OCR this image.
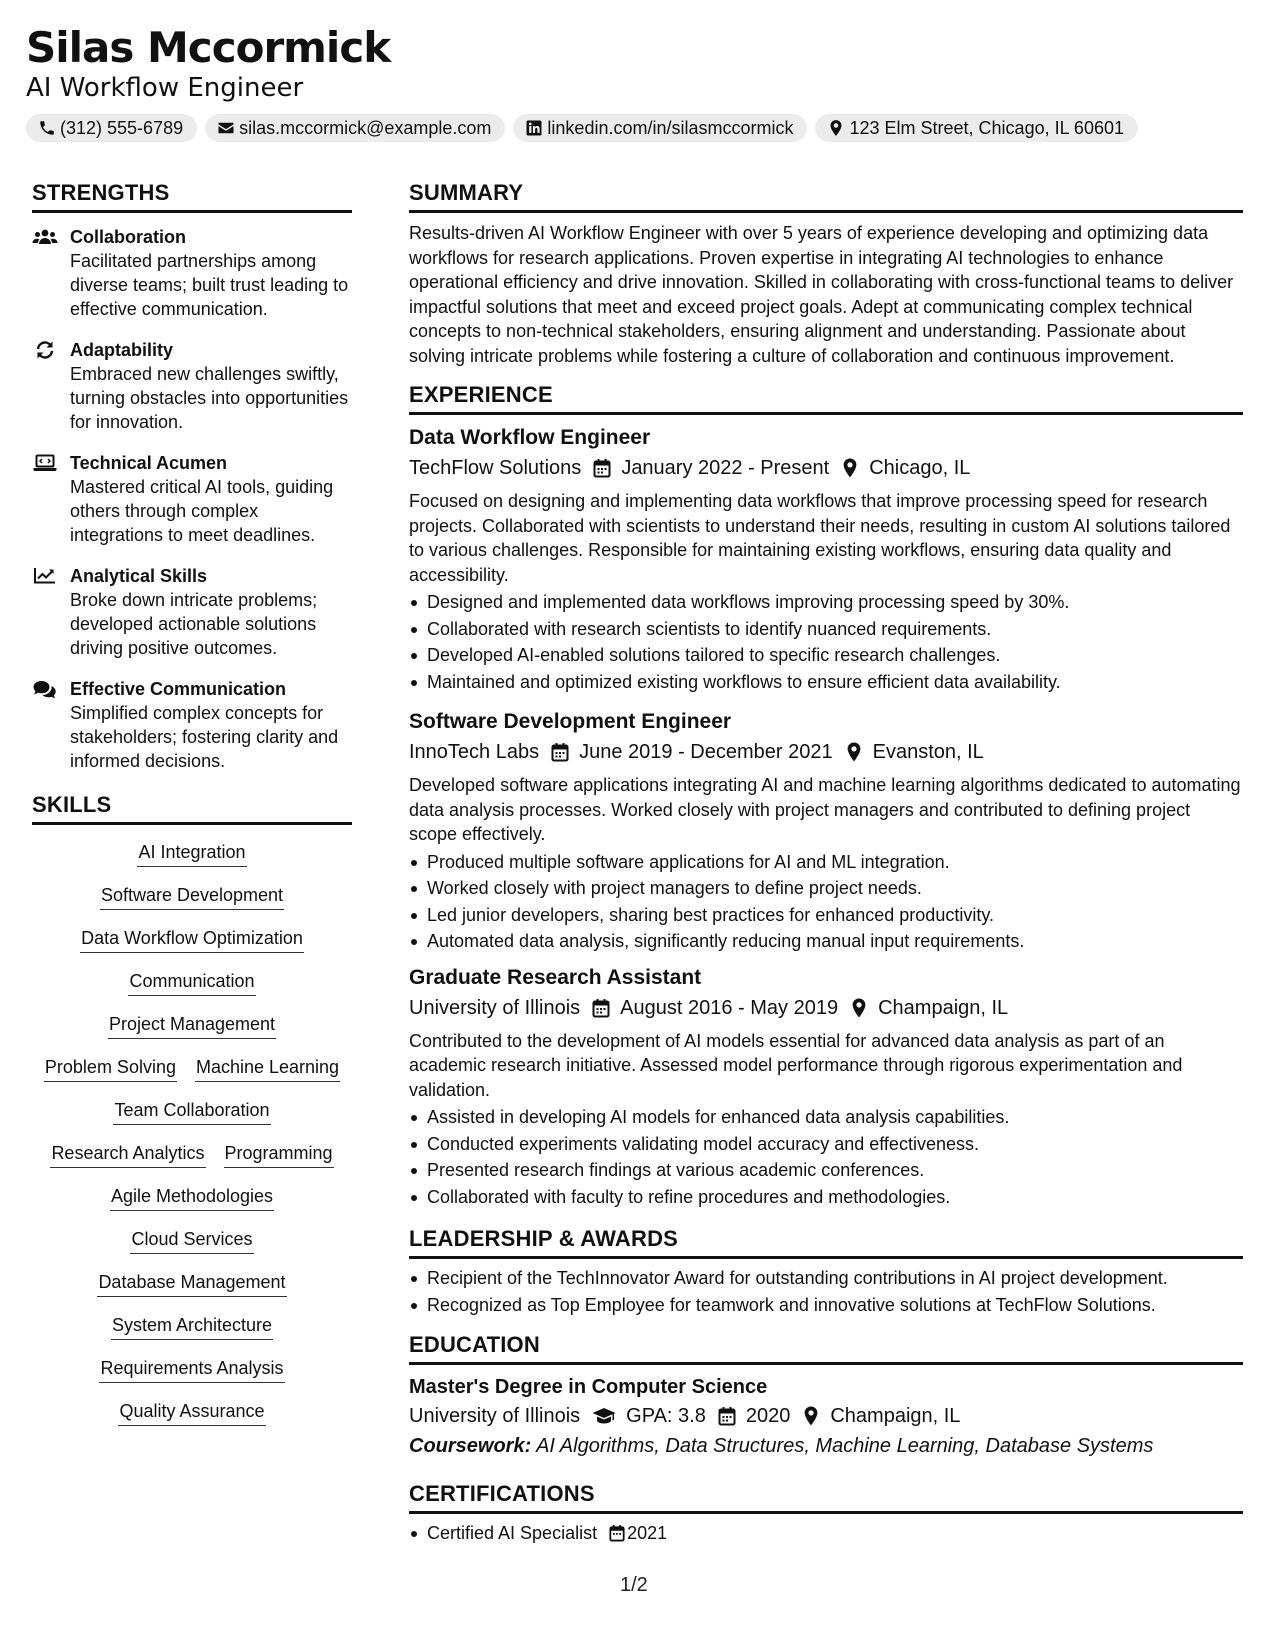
Silas Mccormick
AI Workflow Engineer
(312) 555-6789	silas.mccormick@example.com	linkedin.com/in/silasmccormick	123 Elm Street, Chicago, IL 60601
STRENGTHS
Collaboration
Facilitated partnerships among diverse teams; built trust leading to effective communication.
Adaptability
Embraced new challenges swiftly, turning obstacles into opportunities for innovation.
Technical Acumen
Mastered critical AI tools, guiding others through complex integrations to meet deadlines.
Analytical Skills
Broke down intricate problems; developed actionable solutions driving positive outcomes.
Effective Communication
Simplified complex concepts for stakeholders; fostering clarity and informed decisions.
SKILLS
AI Integration
Software Development
Data Workflow Optimization
Communication
Project Management
Problem Solving Machine Learning
Team Collaboration
Research Analytics Programming
Agile Methodologies
Cloud Services
Database Management
System Architecture
Requirements Analysis
Quality Assurance
SUMMARY
Results-driven AI Workflow Engineer with over 5 years of experience developing and optimizing data workflows for research applications. Proven expertise in integrating AI technologies to enhance operational efficiency and drive innovation. Skilled in collaborating with cross-functional teams to deliver impactful solutions that meet and exceed project goals. Adept at communicating complex technical concepts to non-technical stakeholders, ensuring alignment and understanding. Passionate about solving intricate problems while fostering a culture of collaboration and continuous improvement.
EXPERIENCE
Data Workflow Engineer
TechFlow Solutions January 2022 - Present Chicago, IL
Focused on designing and implementing data workflows that improve processing speed for research projects. Collaborated with scientists to understand their needs, resulting in custom AI solutions tailored to various challenges. Responsible for maintaining existing workflows, ensuring data quality and accessibility.
Designed and implemented data workflows improving processing speed by 30%.
Collaborated with research scientists to identify nuanced requirements.
Developed AI-enabled solutions tailored to specific research challenges.
Maintained and optimized existing workflows to ensure efficient data availability.
Software Development Engineer
InnoTech Labs June 2019 - December 2021 Evanston, IL
Developed software applications integrating AI and machine learning algorithms dedicated to automating data analysis processes. Worked closely with project managers and contributed to defining project scope effectively.
Produced multiple software applications for AI and ML integration.
Worked closely with project managers to define project needs.
Led junior developers, sharing best practices for enhanced productivity.
Automated data analysis, significantly reducing manual input requirements.
Graduate Research Assistant
University of Illinois August 2016 - May 2019 Champaign, IL
Contributed to the development of AI models essential for advanced data analysis as part of an academic research initiative. Assessed model performance through rigorous experimentation and validation.
Assisted in developing AI models for enhanced data analysis capabilities.
Conducted experiments validating model accuracy and effectiveness.
Presented research findings at various academic conferences.
Collaborated with faculty to refine procedures and methodologies.
LEADERSHIP & AWARDS
Recipient of the TechInnovator Award for outstanding contributions in AI project development.
Recognized as Top Employee for teamwork and innovative solutions at TechFlow Solutions.
EDUCATION
Master's Degree in Computer Science
University of Illinois GPA: 3.8 2020 Champaign, IL
Coursework: AI Algorithms, Data Structures, Machine Learning, Database Systems
CERTIFICATIONS
Certified AI Specialist 2021
1/2
